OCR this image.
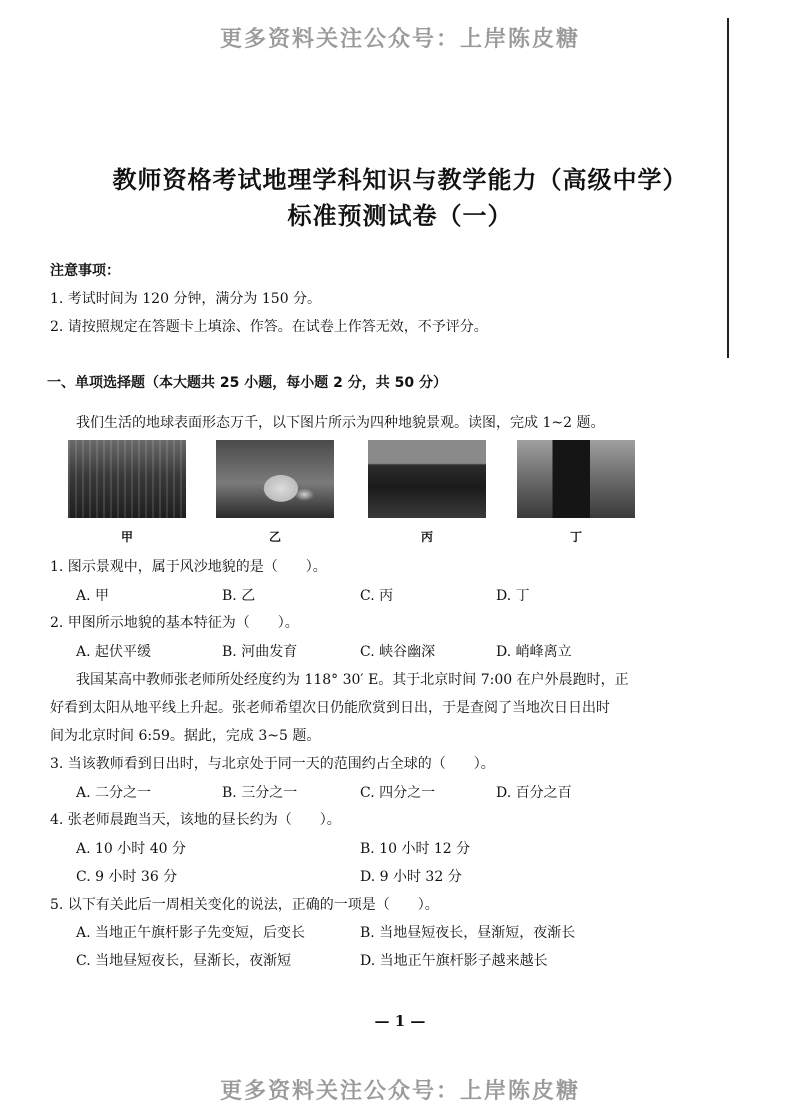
更多资料关注公众号：上岸陈皮糖
教师资格考试地理学科知识与教学能力（高级中学）
标准预测试卷（一）
注意事项：
1. 考试时间为 120 分钟，满分为 150 分。
2. 请按照规定在答题卡上填涂、作答。在试卷上作答无效，不予评分。
一、单项选择题（本大题共 25 小题，每小题 2 分，共 50 分）
我们生活的地球表面形态万千，以下图片所示为四种地貌景观。读图，完成 1~2 题。
甲	乙	丙	丁
1. 图示景观中，属于风沙地貌的是（　　）。
A. 甲	B. 乙	C. 丙	D. 丁
2. 甲图所示地貌的基本特征为（　　）。
A. 起伏平缓	B. 河曲发育	C. 峡谷幽深	D. 峭峰离立
我国某高中教师张老师所处经度约为 118° 30′ E。其于北京时间 7:00 在户外晨跑时，正
好看到太阳从地平线上升起。张老师希望次日仍能欣赏到日出，于是查阅了当地次日日出时
间为北京时间 6:59。据此，完成 3~5 题。
3. 当该教师看到日出时，与北京处于同一天的范围约占全球的（　　）。
A. 二分之一	B. 三分之一	C. 四分之一	D. 百分之百
4. 张老师晨跑当天，该地的昼长约为（　　）。
A. 10 小时 40 分	B. 10 小时 12 分
C. 9 小时 36 分	D. 9 小时 32 分
5. 以下有关此后一周相关变化的说法，正确的一项是（　　）。
A. 当地正午旗杆影子先变短，后变长	B. 当地昼短夜长，昼渐短，夜渐长
C. 当地昼短夜长，昼渐长，夜渐短	D. 当地正午旗杆影子越来越长
— 1 —
更多资料关注公众号：上岸陈皮糖
